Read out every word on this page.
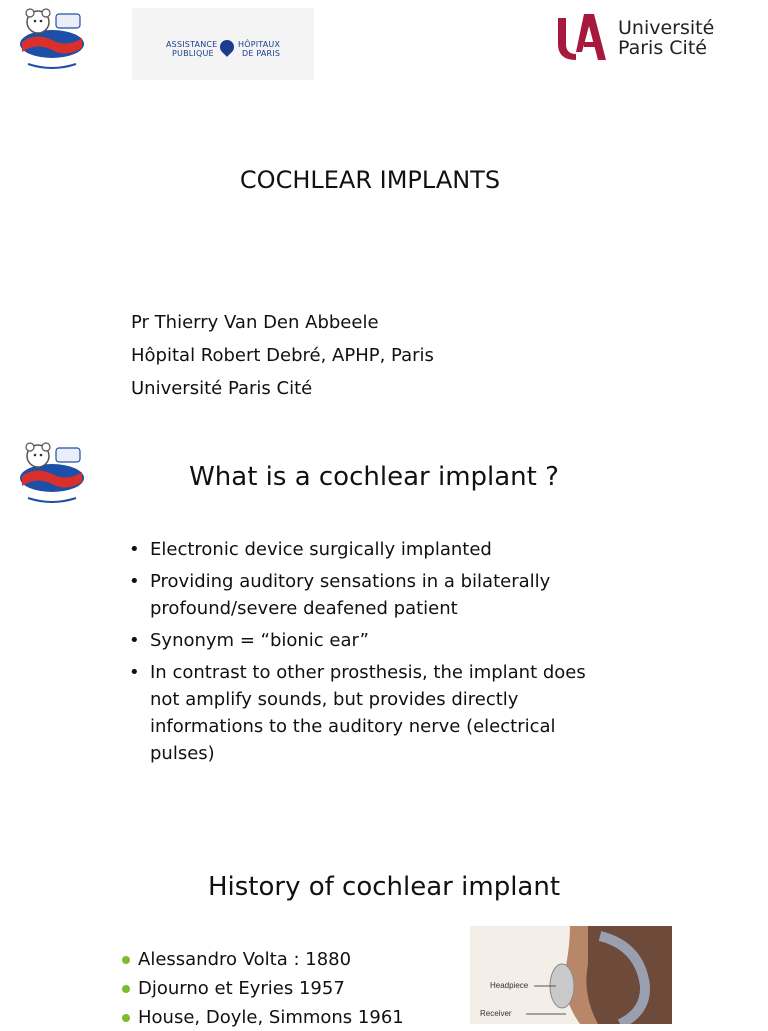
ASSISTANCE
PUBLIQUE
HÔPITAUX
DE PARIS
Université
Paris Cité
COCHLEAR IMPLANTS
Pr Thierry Van Den Abbeele
Hôpital Robert Debré, APHP, Paris
Université Paris Cité
What is a cochlear implant ?
• Electronic device surgically implanted
• Providing auditory sensations in a bilaterally profound/severe deafened patient
• Synonym = “bionic ear”
• In contrast to other prosthesis, the implant does not amplify sounds, but provides directly informations to the auditory nerve (electrical pulses)
History of cochlear implant
Alessandro Volta : 1880
Djourno et Eyries 1957
House, Doyle, Simmons 1961
Headpiece
Receiver
